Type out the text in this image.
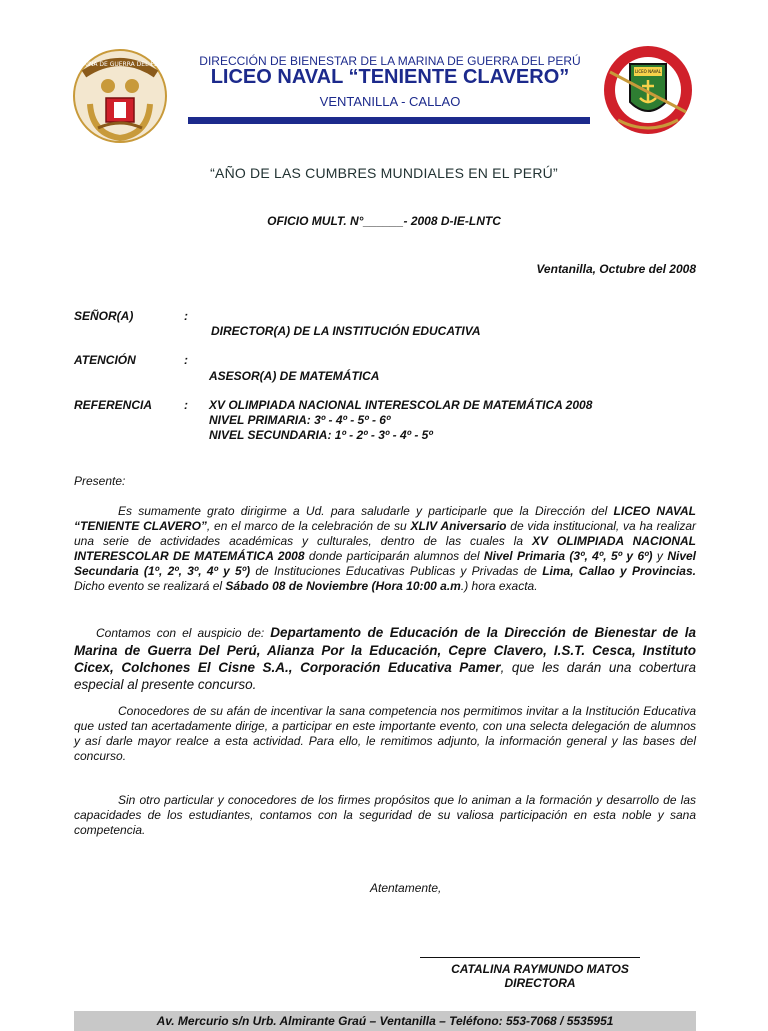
MARINA DE GUERRA DEL PERU
LICEO NAVAL
DIRECCIÓN DE BIENESTAR DE LA MARINA DE GUERRA DEL PERÚ
LICEO NAVAL “TENIENTE CLAVERO”
VENTANILLA - CALLAO
“AÑO DE LAS CUMBRES MUNDIALES EN EL PERÚ”
OFICIO MULT. N°______- 2008 D-IE-LNTC
Ventanilla, Octubre del 2008
SEÑOR(A)	:
DIRECTOR(A) DE LA INSTITUCIÓN EDUCATIVA
ATENCIÓN	:
ASESOR(A) DE MATEMÁTICA
REFERENCIA	: XV OLIMPIADA NACIONAL INTERESCOLAR DE MATEMÁTICA 2008
NIVEL PRIMARIA: 3º - 4º - 5º - 6º
NIVEL SECUNDARIA: 1º - 2º - 3º - 4º - 5º
Presente:
Es sumamente grato dirigirme a Ud. para saludarle y participarle que la Dirección del LICEO NAVAL “TENIENTE CLAVERO”, en el marco de la celebración de su XLIV Aniversario de vida institucional, va ha realizar una serie de actividades académicas y culturales, dentro de las cuales la XV OLIMPIADA NACIONAL INTERESCOLAR DE MATEMÁTICA 2008 donde participarán alumnos del Nivel Primaria (3º, 4º, 5º y 6º) y Nivel Secundaria (1º, 2º, 3º, 4º y 5º) de Instituciones Educativas Publicas y Privadas de Lima, Callao y Provincias. Dicho evento se realizará el Sábado 08 de Noviembre (Hora 10:00 a.m.) hora exacta.
Contamos con el auspicio de: Departamento de Educación de la Dirección de Bienestar de la Marina de Guerra Del Perú, Alianza Por la Educación, Cepre Clavero, I.S.T. Cesca, Instituto Cicex, Colchones El Cisne S.A., Corporación Educativa Pamer, que les darán una cobertura especial al presente concurso.
Conocedores de su afán de incentivar la sana competencia nos permitimos invitar a la Institución Educativa que usted tan acertadamente dirige, a participar en este importante evento, con una selecta delegación de alumnos y así darle mayor realce a esta actividad. Para ello, le remitimos adjunto, la información general y las bases del concurso.
Sin otro particular y conocedores de los firmes propósitos que lo animan a la formación y desarrollo de las capacidades de los estudiantes, contamos con la seguridad de su valiosa participación en esta noble y sana competencia.
Atentamente,
CATALINA RAYMUNDO MATOS
DIRECTORA
Av. Mercurio s/n Urb. Almirante Graú – Ventanilla – Teléfono: 553-7068 / 5535951
